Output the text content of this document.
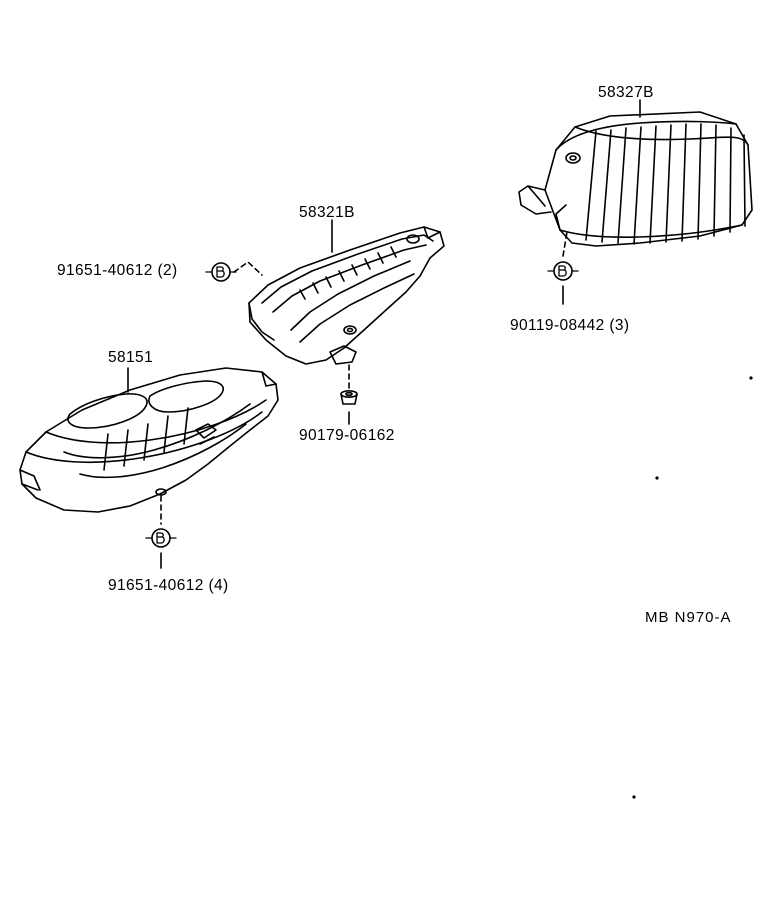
58151
58321B
58327B
91651-40612 (4)
91651-40612 (2)
90179-06162
90119-08442 (3)
MB N970-A
